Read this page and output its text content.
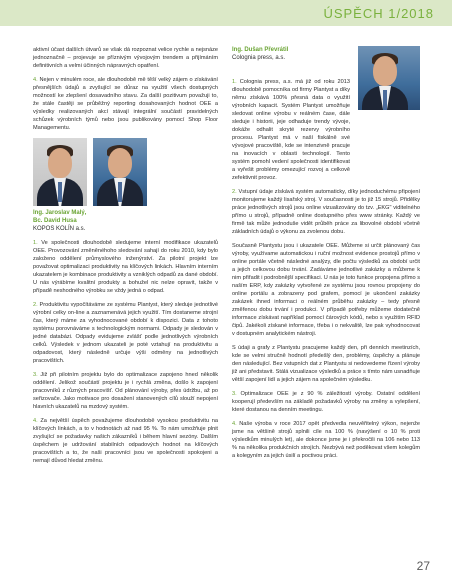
ÚSPĚCH 1/2018

aktivní účast dalších útvarů se však dá rozpoznat velice rychle a nejsnáze jednoznačně – projevuje se příznivým vývojovým trendem a přijímáním definitivních a velmi účinných nápravných opatření.

4. Nejen v minulém roce, ale dlouhodobě mě těší velký zájem o získávání přesnějších údajů a zvyšující se důraz na využití všech dostupných možností ke zlepšení dosavadního stavu. Za další pozitivum považuji to, že stále častěji se průběžný reporting dosahovaných hodnot OEE a výsledky realizovaných akcí stávají integrální součástí pravidelných schůzek výrobních týmů nebo jsou publikovány pomocí Shop Floor Managementu.

Ing. Jaroslav Malý,
Bc. David Husa
KOPOS KOLÍN a.s.

1. Ve společnosti dlouhodobě sledujeme interní modifikace ukazatelů OEE. Provozování změněnéhoho sledování sahají do roku 2010, kdy bylo založeno oddělení průmyslového inženýrství. Za pilotní projekt lze považovat optimalizaci produktivity na klíčových linkách. Hlavním interním ukazatelem je kombinace produktivity a vzniklých odpadů za dané období. U nás výrábíme kvalitní produkty a bohužel nic nelze opravit, takže v případě neshodného výrobku se vždy jedná o odpad.

2. Produktivitu vypočítáváme ze systému Plantyst, který sleduje jednotlivé výrobní celky on-line a zaznamenává jejich využití. Tím dostaneme strojní čas, který máme za vyhodnocované období k dispozici. Data z tohoto systému porovnáváme s technologickým normami. Odpady je sledován v jedné databázi. Odpady evidujeme zvlášť podle jednotlivých výrobních celků. Výsledek v jednom ukazateli je poté vztahují na produktivitu a odpadovost, který následně určuje výši odměny na jednotlivých pracovištích.

3. Již při pilotním projektu bylo do optimalizace zapojeno hned několik oddělení. Jelikož součástí projektu je i rychlá změna, došlo k zapojení pracovníků z různých pracovišť. Od plánování výroby, přes údržbu, až po seřizovače. Jako motivace pro dosažení stanovených cílů slouží nepojení hlavních ukazatelů na mzdový systém.

4. Za největší úspěch považujeme dlouhodobě vysokou produktivitu na klíčových linkách, a to v hodnotách až nad 95 %. To nám umožňuje plnit zvyšující se požadavky našich zákazníků i během hlavní sezóny. Dalším úspěchem je udržování stabilních odpadových hodnot na klíčových pracovištích a to, že naši pracovníci jsou ve společnosti spokojeni a nemají důvod hledat změnu.

Ing. Dušan Převrátil
Colognia press, a.s.

1. Colognia press, a.s. má již od roku 2013 dlouhodobě pomocníka od firmy Plantyst a díky němu získává 100% přesná data o využití výrobních kapacit. Systém Plantyst umožňuje sledovat online výrobu v reálném čase, dále sleduje i historii, jeje odhaduje trendy vývoje, dokáže odhalit skryté rezervy výrobního procesu. Plantyst má v naší fiskálně své vývojové pracoviště, kde se intenzivně pracuje na inovacích v oblasti technologií. Tento systém pomohl vedení společnosti identifikovat a vyřešit problémy omezující rozvoj a celkově zefektivnit provoz.

2. Vstupní údaje získává systém automaticky, díky jednoduchému připojení monitorujeme každý lisařský stroj. V současnosti je to již 15 strojů. Přidělky práce jednotlivých strojů jsou online vizualizovány do tzv. „EKG" viditelného přímo u strojů, případně online dostupného přes www stránky. Každý ve firmě tak může jednoduše vidět průběh práce za libovolné období včetně základních údajů o výkonu za zvolenou dobu.

Současně Plantystu jsou i ukazatele OEE. Můžeme si určit plánovaný čas výroby, využívame automatickou i ruční možnost evidence prostojů přímo v online portále včetně následné analýzy, dle počtu výsledků za období určit a jejich celkovou dobu trvání. Zadáváme jednotlivé zakázky a můžeme k nim přiřadit i podrobnější specifikaci. U nás je toto funkce propojena přímo s naším ERP, kdy zakázky vytvořené ze systému jsou rovnou propojeny do online portálu a zobrazeny pod grafem, pomocí je ukončení zakázky zakázek ihned informaci o reálném průběhu zakázky – tedy přesně změřenou dobu trvání i produkci. V případě potřeby můžeme dodatečně informace získávat například pomocí čárových kódů, nebo s využitím RFID čipů. Jakékoli získané informace, třeba i o nekvalitě, lze pak vyhodnocovat v dostupném analytickém nástroji.

S údaji a grafy z Plantystu pracujeme každý den, při denních meetinzích, kde se velmi stručně hodnotí předešlý den, problémy, úspěchy a plánuje den následující. Bez vstupních dat z Plantystu si nedovedeme řízení výroby již ani představit. Stálá vizualizace výsledků a práce s tímto nám usnadňuje větší zapojení lidí a jejich zájem na společném výsledku.

3. Optimalizace OEE je z 90 % záležitostí výroby. Ostatní oddělení kooperují především na základě požadavků výroby na změny a vylepšení, které dostanou na denním meetingu.

4. Naše výroba v roce 2017 opět předvedla neuvěřitelný výkon, nejenže jsme na většině strojů splnili cíle na 100 % (navýšení o 10 % proti výsledkům minulých let), ale dokonce jsme je i překročili na 106 nebo 113 % na několika produkčních strojích. Nezbývá než poděkovat všem kolegům a kolegyním za jejich úsilí a poctivou práci.

27
